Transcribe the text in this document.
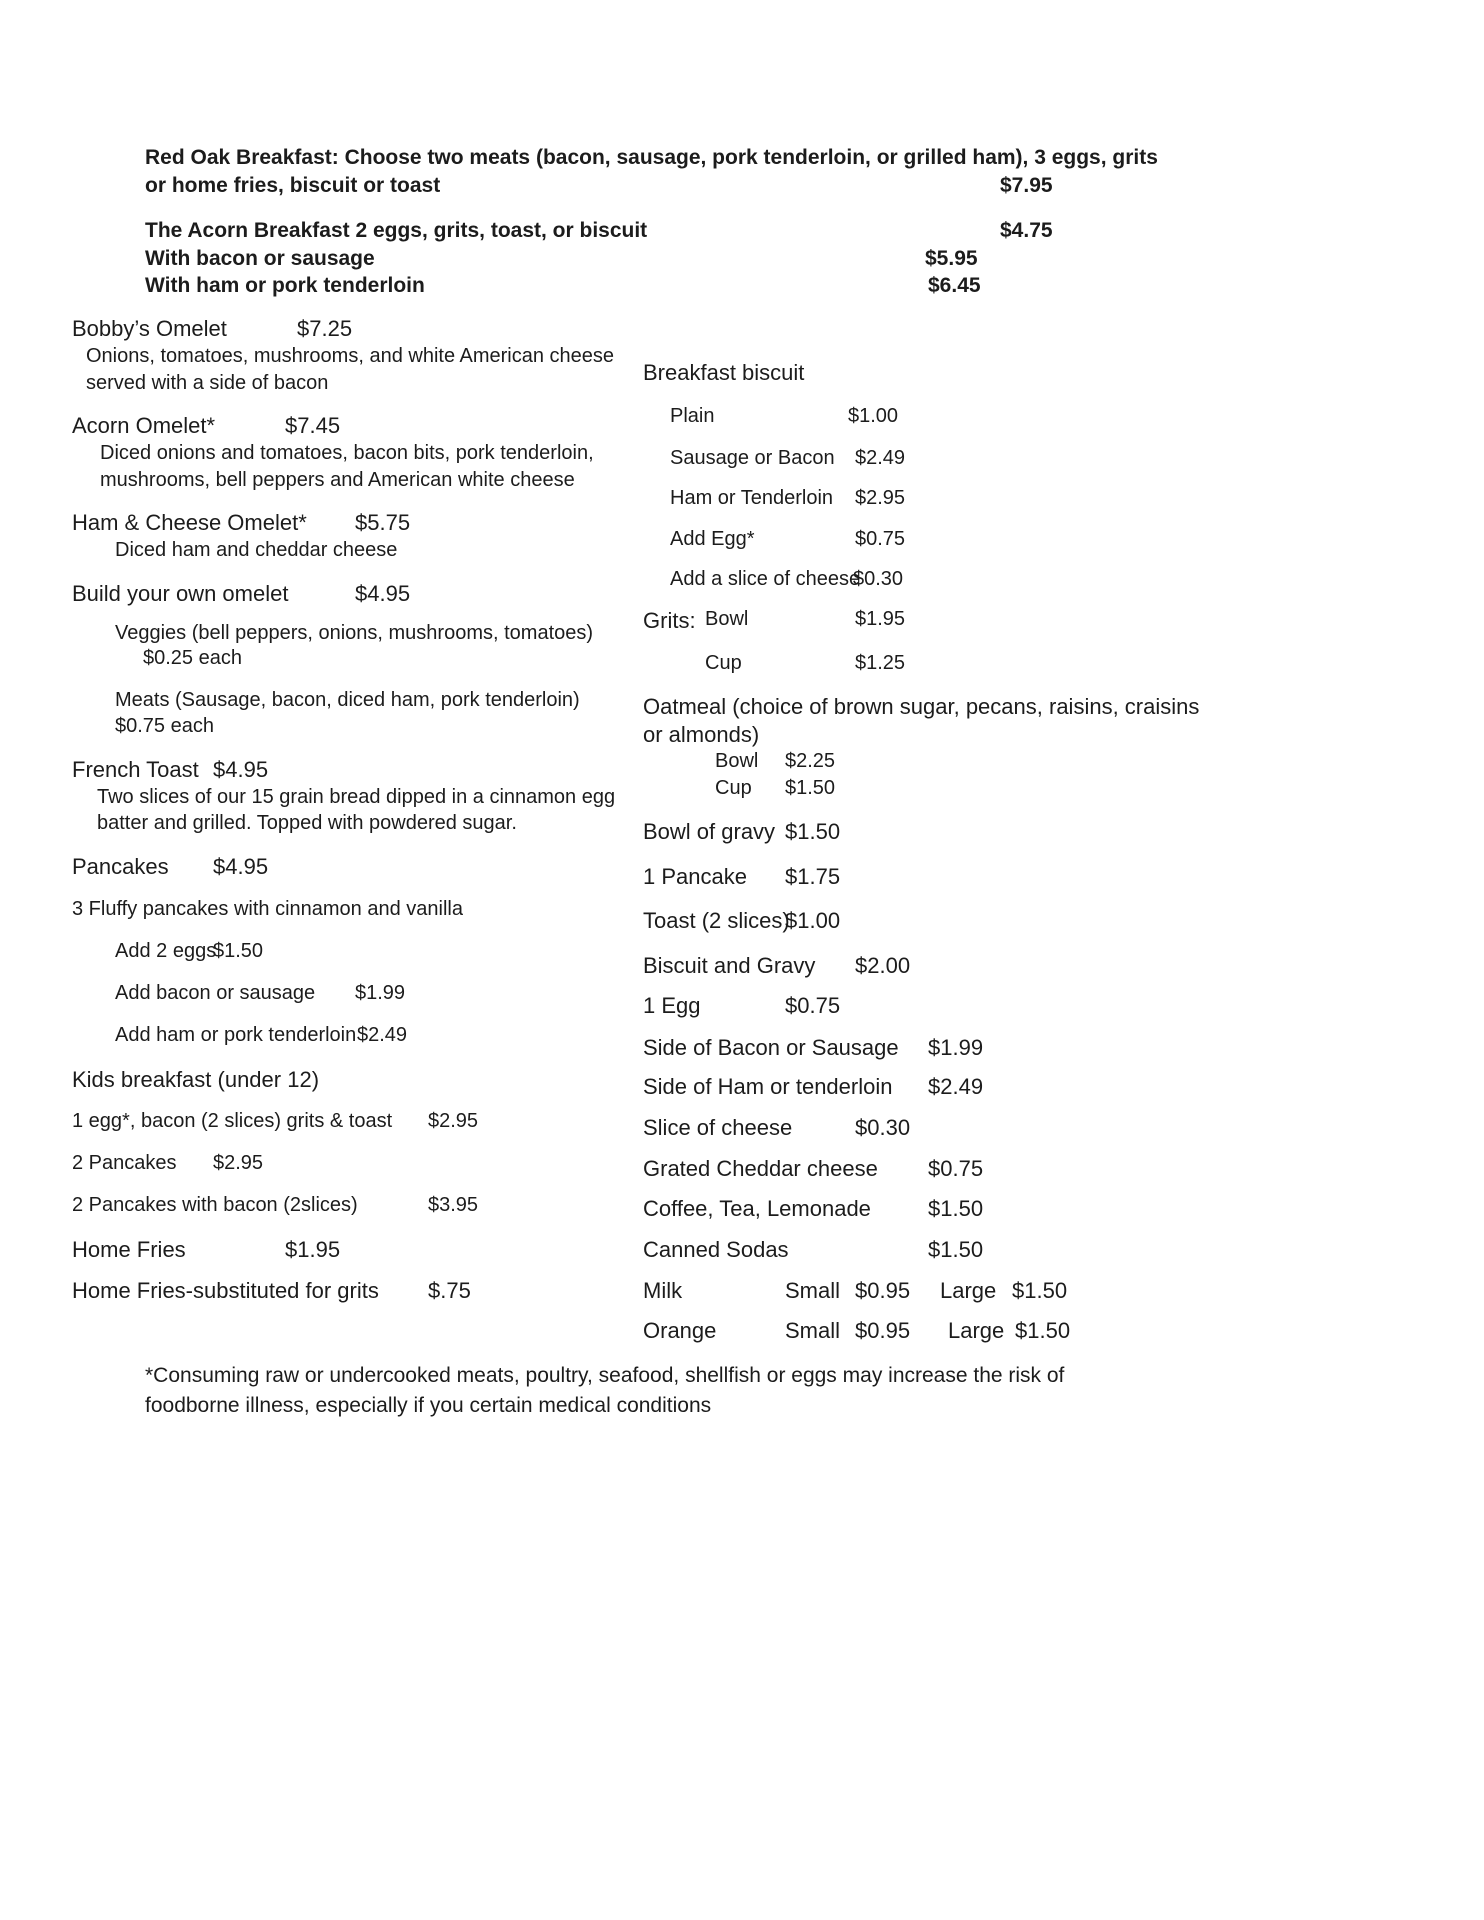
Red Oak Breakfast: Choose two meats (bacon, sausage, pork tenderloin, or grilled ham), 3 eggs, grits
or home fries, biscuit or toast	$7.95
The Acorn Breakfast 2 eggs, grits, toast, or biscuit	$4.75
With bacon or sausage	$5.95
With ham or pork tenderloin	$6.45
Bobby’s Omelet	$7.25
Onions, tomatoes, mushrooms, and white American cheese
served with a side of bacon
Acorn Omelet*	$7.45
Diced onions and tomatoes, bacon bits, pork tenderloin,
mushrooms, bell peppers and American white cheese
Ham & Cheese Omelet* $5.75
Diced ham and cheddar cheese
Build your own omelet	$4.95
Veggies (bell peppers, onions, mushrooms, tomatoes)
$0.25 each
Meats (Sausage, bacon, diced ham, pork tenderloin)
$0.75 each
French Toast $4.95
Two slices of our 15 grain bread dipped in a cinnamon egg
batter and grilled. Topped with powdered sugar.
Pancakes $4.95
3 Fluffy pancakes with cinnamon and vanilla
Add 2 eggs
$1.50
Add bacon or sausage $1.99
Add ham or pork tenderloin $2.49
Kids breakfast (under 12)
1 egg*, bacon (2 slices) grits & toast $2.95
2 Pancakes $2.95
2 Pancakes with bacon (2slices)	$3.95
Home Fries	$1.95
Home Fries-substituted for grits $.75
Breakfast biscuit
Plain	$1.00
Sausage or Bacon $2.49
Ham or Tenderloin $2.95
Add Egg*	$0.75
Add a slice of cheese
$0.30
Grits: Bowl	$1.95
Cup	$1.25
Oatmeal (choice of brown sugar, pecans, raisins, craisins
or almonds)
Bowl $2.25
Cup $1.50
Bowl of gravy $1.50
1 Pancake $1.75
Toast (2 slices)
$1.00
Biscuit and Gravy $2.00
1 Egg	$0.75
Side of Bacon or Sausage $1.99
Side of Ham or tenderloin $2.49
Slice of cheese	$0.30
Grated Cheddar cheese $0.75
Coffee, Tea, Lemonade	$1.50
Canned Sodas	$1.50
Milk	Small $0.95 Large $1.50
Orange	Small $0.95 Large $1.50
*Consuming raw or undercooked meats, poultry, seafood, shellfish or eggs may increase the risk of
foodborne illness, especially if you certain medical conditions
